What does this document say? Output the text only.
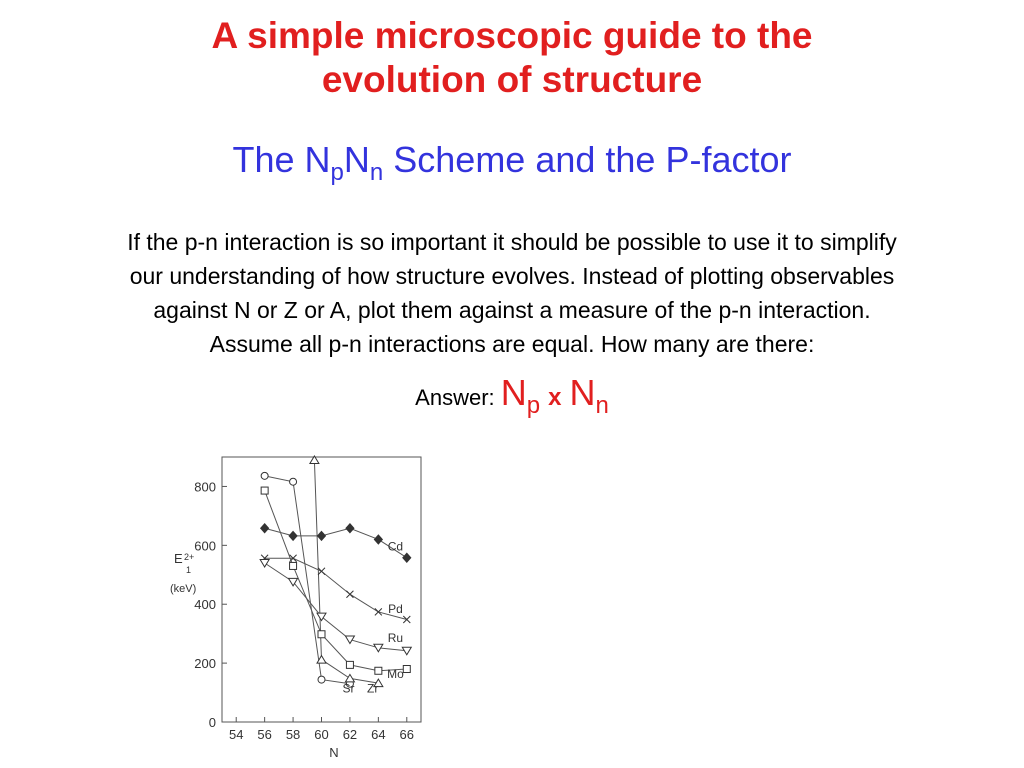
A simple microscopic guide to the
evolution of structure
The $N_pN_n$ Scheme and the P-factor
If the p-n interaction is so important it should be possible to use it to simplify
our understanding of how structure evolves. Instead of plotting observables
against N or Z or A, plot them against a measure of the p-n interaction.
Assume all p-n interactions are equal. How many are there:
Answer: $N_p$ x $N_n$
0
200
400
600
800
54 56 58 60 62 64 66
Cd
Pd
Ru
Mo
Sr Zr
E 2+
1
(keV)
N
